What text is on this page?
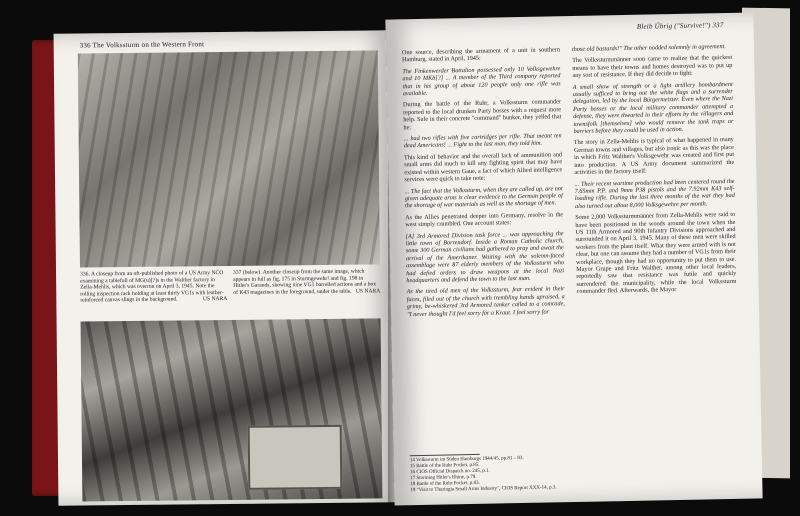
336 The Volkssturm on the Western Front
336. A closeup from an oft-published photo of a US Army NCO examining a tablefull of MG(u)[?]s in the Walther factory in Zella-Mehlis, which was overrun on April 3, 1945. Note the rolling inspection rack holding at least thirty VG1s with leather-reinforced canvas slings in the background.	US NARA
337 (below). Another closeup from the same image, which appears in full as fig. 175 in Sturmgewehr! and fig. 198 in Hitler's Garands, showing nine VG1 barrelled actions and a box of K43 magazines in the foreground, under the table. US NARA
Bleib Übrig ("Survive!") 337

One source, describing the armament of a unit in southern Hamburg, stated in April, 1945:

The Finkenwerder Battalion possessed only 10 Volksgewehre and 10 MKb[?] ... A member of the Third company reported that in his group of about 120 people only one rifle was available.

During the battle of the Ruhr, a Volkssturm commander reported to the local drunken Party bosses with a request more help. Safe in their concrete "command" bunker, they yelled that he:

... had two rifles with five cartridges per rifle. That meant ten dead Americans! ... Fight to the last man, they told him.

This kind of behavior and the overall lack of ammunition and small arms did much to kill any fighting spirit that may have existed within western Gaue, a fact of which Allied intelligence services were quick to take note:

... The fact that the Volkssturm, when they are called up, are not given adequate arms is clear evidence to the German people of the shortage of war materials as well as the shortage of men.

As the Allies penetrated deeper into Germany, resolve in the west simply crumbled. One account states:

[A] 3rd Armored Division task force ... was approaching the little town of Borrendorf. Inside a Roman Catholic church, some 300 German civilians had gathered to pray and await the arrival of the Amerikaner. Waiting with the solemn-faced assemblage were 87 elderly members of the Volkssturm who had defied orders to draw weapons at the local Nazi headquarters and defend the town to the last man.

As the tired old men of the Volkssturm, fear evident in their faces, filed out of the church with trembling hands upraised, a grimy, be-whiskered 3rd Armored tanker called to a comrade, "I never thought I'd feel sorry for a Kraut. I feel sorry for

those old bastards!" The other nodded solemnly in agreement.

The Volkssturmmänner soon came to realize that the quickest means to have their towns and homes destroyed was to put up any sort of resistance. If they did decide to fight:

A small show of strength or a light artillery bombardment usually sufficed to bring out the white flags and a surrender delegation, led by the local Bürgermeister. Even where the Nazi Party bosses or the local military commander attempted a defense, they were thwarted in their efforts by the villagers and townsfolk [themselves] who would remove the tank traps or barriers before they could be used in action.

The story in Zella-Mehlis is typical of what happened in many German towns and villages, but also ironic as this was the place in which Fritz Walther's Volksgewehr was created and first put into production. A US Army document summarized the activities in the factory itself:

... Their recent wartime production had been centered round the 7.65mm P.P. and 9mm P38 pistols and the 7.92mm K43 self-loading rifle. During the last three months of the war they had also turned out about 8,000 Volksgewehre per month.

Some 2,000 Volkssturmmänner from Zella-Mehlis were said to have been positioned in the woods around the town when the US 11th Armored and 90th Infantry Divisions approached and surrounded it on April 3, 1945. Many of these men were skilled workers from the plant itself. What they were armed with is not clear, but one can assume they had a number of VG1s from their workplace, though they had no opportunity to put them to use. Mayor Grupe and Fritz Walther, among other local leaders, reportedly saw that resistance was futile and quickly surrendered the municipality, while the local Volkssturm commander fled. Afterwards, the Mayor

14 Volkssturm im Süden Hamburgs 1944/45, pp.81 – 83.
15 Battle of the Ruhr Pocket, p.85.
16 CIOS Official Dispatch no. 245, p.1.
17 Storming Hitler's Rhine, p.79.
18 Battle of the Ruhr Pocket, p.83.
19 "Visit to Thuringia Small Arms Industry", CIOS Report XXX-14, p.3.
